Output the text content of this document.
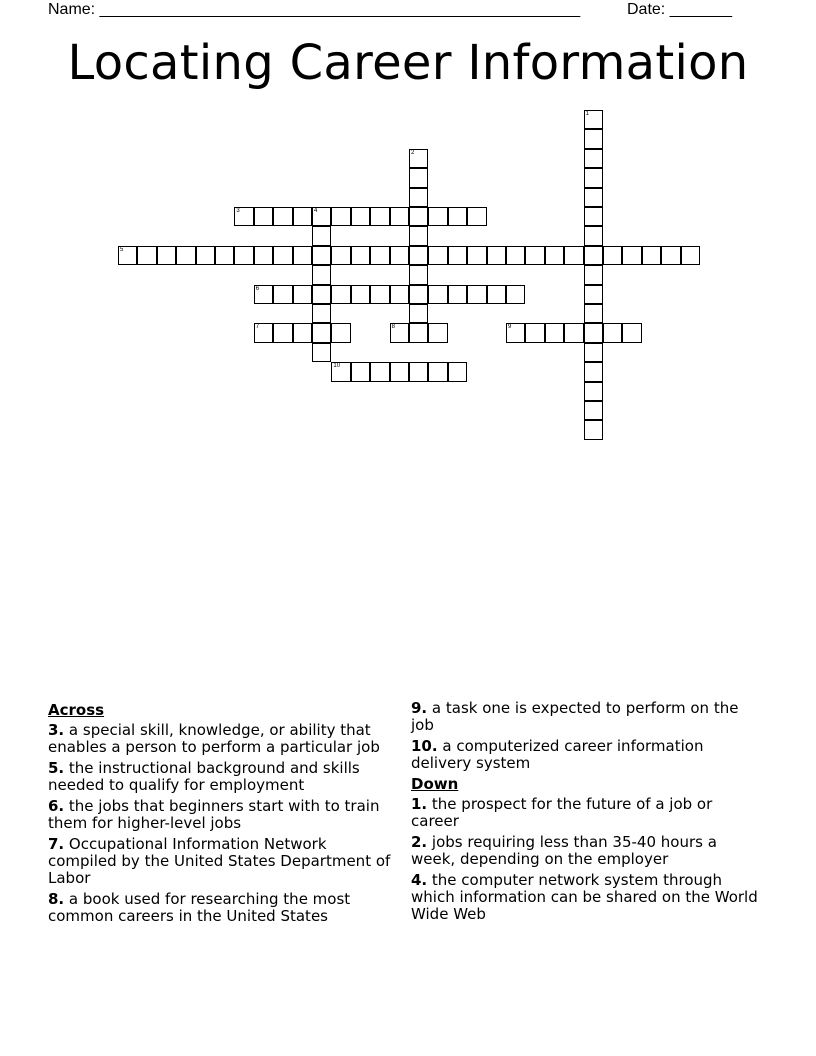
Name: ______________________________________________________	Date: _______
Locating Career Information
1
2
3	4
5
6
7	8	9
10
Across
3. a special skill, knowledge, or ability that enables a person to perform a particular job
5. the instructional background and skills needed to qualify for employment
6. the jobs that beginners start with to train them for higher-level jobs
7. Occupational Information Network compiled by the United States Department of Labor
8. a book used for researching the most common careers in the United States
9. a task one is expected to perform on the job
10. a computerized career information delivery system
Down
1. the prospect for the future of a job or career
2. jobs requiring less than 35-40 hours a week, depending on the employer
4. the computer network system through which information can be shared on the World Wide Web
